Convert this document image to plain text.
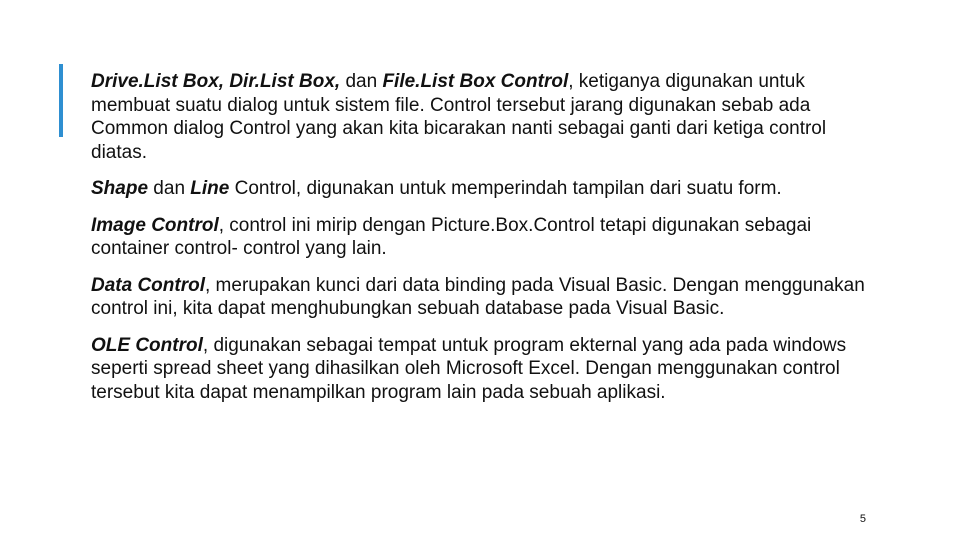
Drive.List Box, Dir.List Box, dan File.List Box Control, ketiganya digunakan untuk membuat suatu dialog untuk sistem file. Control tersebut jarang digunakan sebab ada Common dialog Control yang akan kita bicarakan nanti sebagai ganti dari ketiga control diatas.

Shape dan Line Control, digunakan untuk memperindah tampilan dari suatu form.

Image Control, control ini mirip dengan Picture.Box.Control tetapi digunakan sebagai container control- control yang lain.

Data Control, merupakan kunci dari data binding pada Visual Basic. Dengan menggunakan control ini, kita dapat menghubungkan sebuah database pada Visual Basic.

OLE Control, digunakan sebagai tempat untuk program ekternal yang ada pada windows seperti spread sheet yang dihasilkan oleh Microsoft Excel. Dengan menggunakan control tersebut kita dapat menampilkan program lain pada sebuah aplikasi.

5
